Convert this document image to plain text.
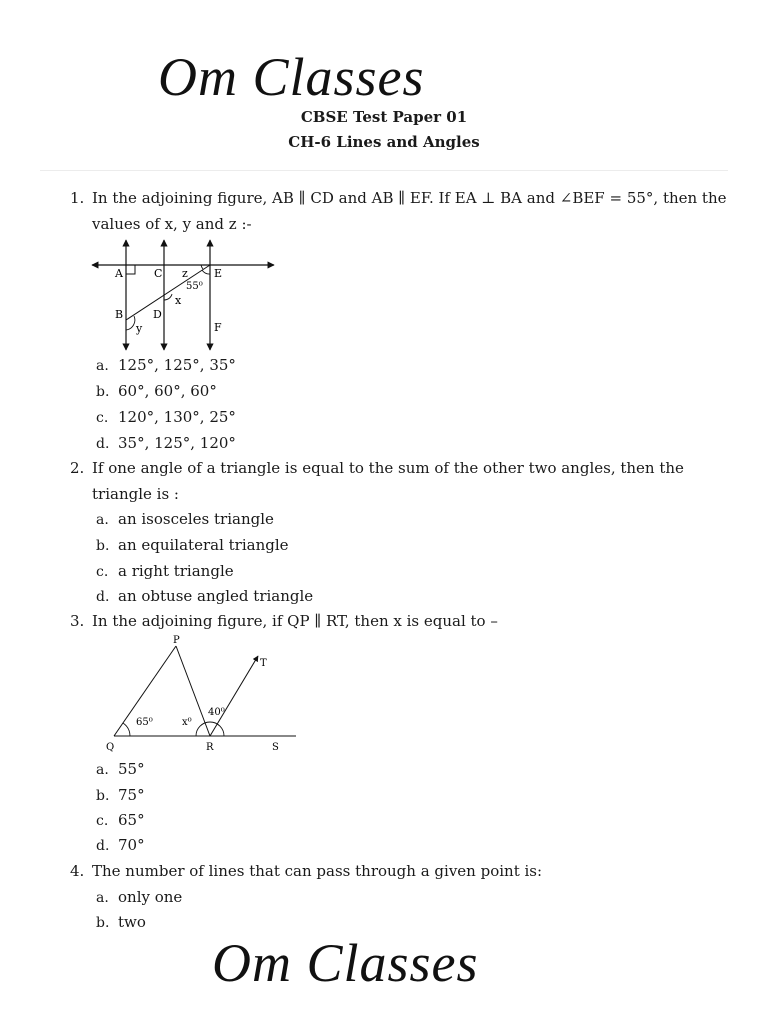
Om Classes
CBSE Test Paper 01
CH-6 Lines and Angles
1. In the adjoining figure, AB ∥ CD and AB ∥ EF. If EA ⊥ BA and ∠BEF = 55°, then the values of x, y and z :-
A	C z E
55⁰
x
B	D
y	F
a. 125°, 125°, 35°
b. 60°, 60°, 60°
c. 120°, 130°, 25°
d. 35°, 125°, 120°
2. If one angle of a triangle is equal to the sum of the other two angles, then the triangle is :
a. an isosceles triangle
b. an equilateral triangle
c. a right triangle
d. an obtuse angled triangle
3. In the adjoining figure, if QP ∥ RT, then x is equal to –
P
T
65⁰	x⁰
40⁰
Q	R	S
a. 55°
b. 75°
c. 65°
d. 70°
4. The number of lines that can pass through a given point is:
a. only one
b. two
Om Classes
